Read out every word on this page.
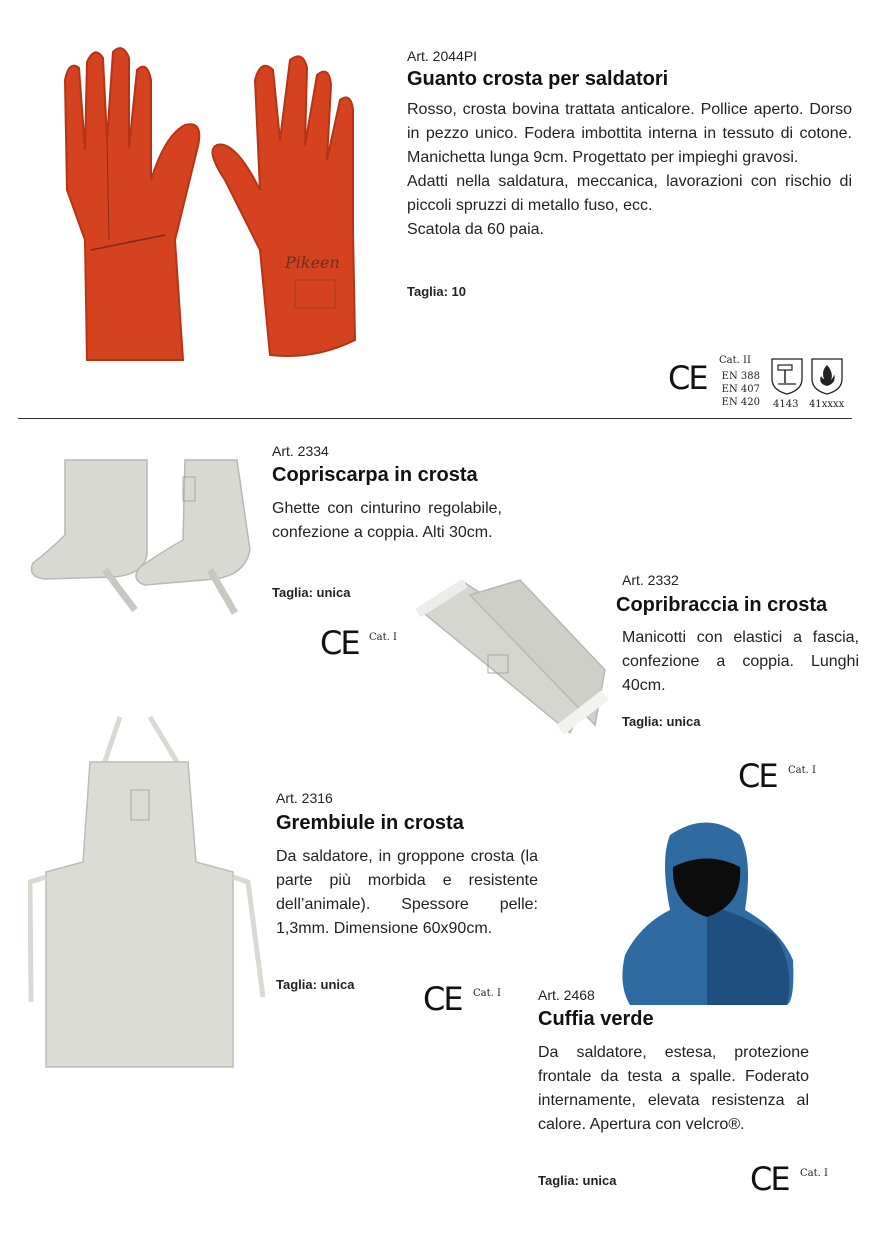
Pikeen
Art. 2044PI
Guanto crosta per saldatori

Rosso, crosta bovina trattata anticalore. Pollice aperto. Dorso in pezzo unico. Fodera imbottita interna in tessuto di cotone. Manichetta lunga 9cm. Progettato per impieghi gravosi.

Adatti nella saldatura, meccanica, lavorazioni con rischio di piccoli spruzzi di metallo fuso, ecc.

Scatola da 60 paia.

Taglia: 10
CE Cat. II
EN 388
EN 407
EN 420 4143 41xxxx
Art. 2334
Copriscarpa in crosta

Ghette con cinturino regolabile, confezione a coppia. Alti 30cm.

Taglia: unica
CE Cat. I
Art. 2332
Copribraccia in crosta

Manicotti con elastici a fascia, confezione a coppia. Lunghi 40cm.

Taglia: unica
CE Cat. I
Art. 2316
Grembiule in crosta

Da saldatore, in groppone crosta (la parte più morbida e resistente dell’animale). Spessore pelle: 1,3mm. Dimensione 60x90cm.

Taglia: unica CE Cat. I	Art. 2468
Cuffia verde

Da saldatore, estesa, protezione frontale da testa a spalle. Foderato internamente, elevata resistenza al calore. Apertura con velcro®.

Taglia: unica	CE Cat. I
